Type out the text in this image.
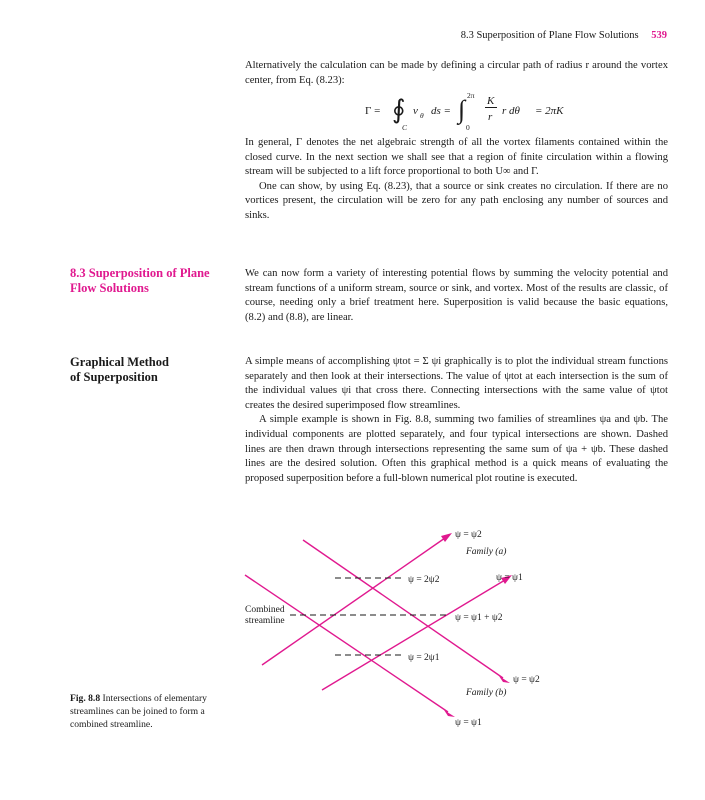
8.3 Superposition of Plane Flow Solutions 539

Alternatively the calculation can be made by defining a circular path of radius r around the vortex center, from Eq. (8.23):

Γ = ∮
C
v θ ds = ∫ 2π
0
K
r r dθ = 2πK

In general, Γ denotes the net algebraic strength of all the vortex filaments contained within the closed curve. In the next section we shall see that a region of finite circulation within a flowing stream will be subjected to a lift force proportional to both U∞ and Γ.

One can show, by using Eq. (8.23), that a source or sink creates no circulation. If there are no vortices present, the circulation will be zero for any path enclosing any number of sources and sinks.

8.3 Superposition of Plane Flow Solutions

We can now form a variety of interesting potential flows by summing the velocity potential and stream functions of a uniform stream, source or sink, and vortex. Most of the results are classic, of course, needing only a brief treatment here. Superposition is valid because the basic equations, (8.2) and (8.8), are linear.

Graphical Method of Superposition

A simple means of accomplishing ψtot = Σ ψi graphically is to plot the individual stream functions separately and then look at their intersections. The value of ψtot at each intersection is the sum of the individual values ψi that cross there. Connecting intersections with the same value of ψtot creates the desired superimposed flow streamlines.

A simple example is shown in Fig. 8.8, summing two families of streamlines ψa and ψb. The individual components are plotted separately, and four typical intersections are shown. Dashed lines are then drawn through intersections representing the same sum of ψa + ψb. These dashed lines are the desired solution. Often this graphical method is a quick means of evaluating the proposed superposition before a full-blown numerical plot routine is executed.

ψ = ψ2
Family (a)
ψ = ψ1
ψ = 2ψ2
ψ = ψ1 + ψ2
ψ = 2ψ1
ψ = ψ2
Family (b)
ψ = ψ1
Combined streamline
Fig. 8.8 Intersections of elementary streamlines can be joined to form a combined streamline.
